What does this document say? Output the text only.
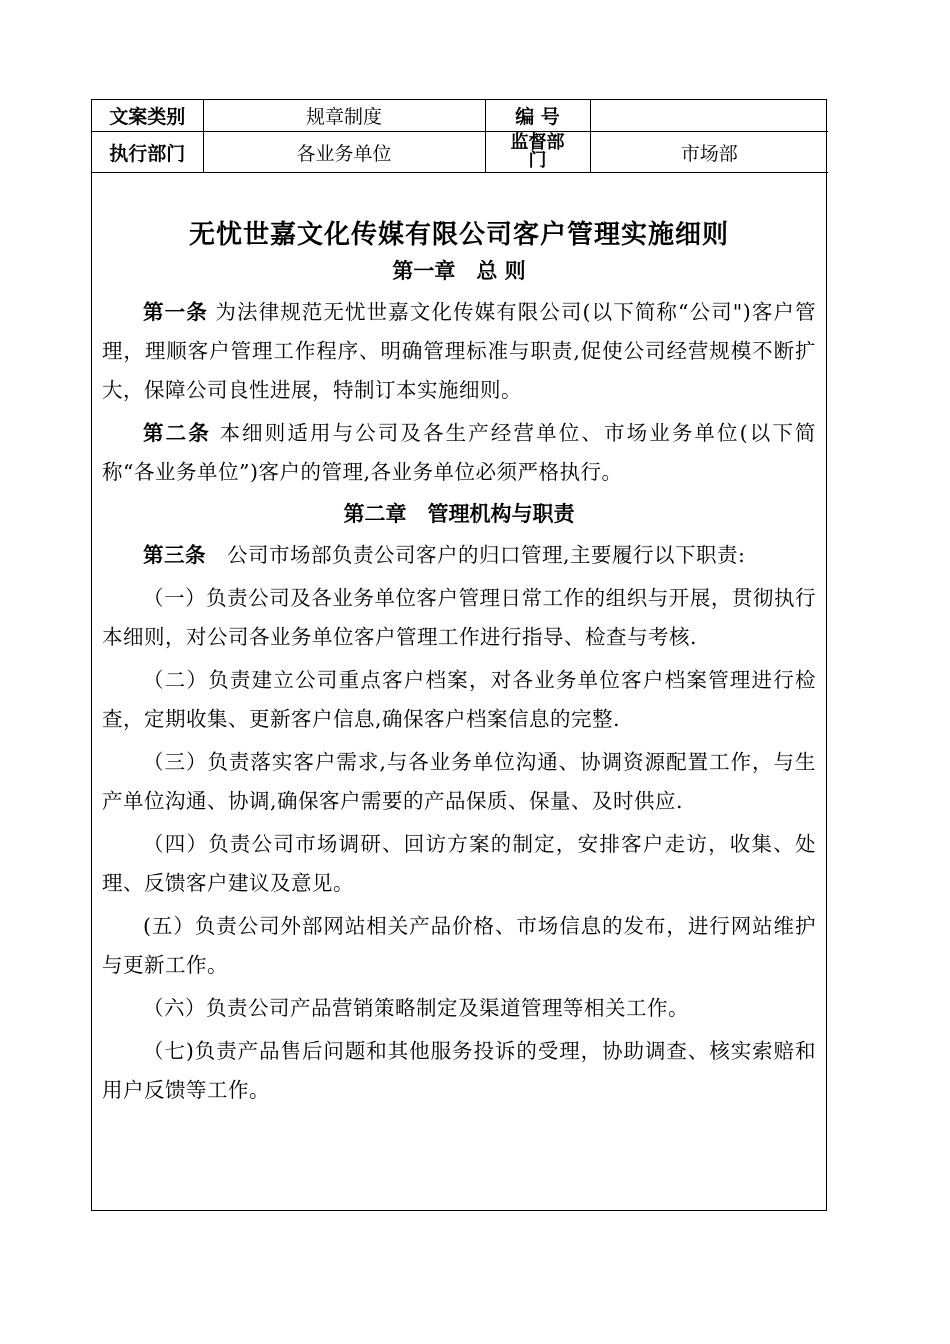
文案类别	规章制度	编 号	
执行部门	各业务单位	监督部门	市场部
无忧世嘉文化传媒有限公司客户管理实施细则
第一章　总 则

第一条 为法律规范无忧世嘉文化传媒有限公司(以下简称“公司")客户管理，理顺客户管理工作程序、明确管理标准与职责,促使公司经营规模不断扩大，保障公司良性进展，特制订本实施细则。

第二条 本细则适用与公司及各生产经营单位、市场业务单位(以下简称“各业务单位”)客户的管理,各业务单位必须严格执行。

第二章　管理机构与职责

第三条　公司市场部负责公司客户的归口管理,主要履行以下职责:

（一）负责公司及各业务单位客户管理日常工作的组织与开展，贯彻执行本细则，对公司各业务单位客户管理工作进行指导、检查与考核.

（二）负责建立公司重点客户档案，对各业务单位客户档案管理进行检查，定期收集、更新客户信息,确保客户档案信息的完整.

（三）负责落实客户需求,与各业务单位沟通、协调资源配置工作，与生产单位沟通、协调,确保客户需要的产品保质、保量、及时供应.

（四）负责公司市场调研、回访方案的制定，安排客户走访，收集、处理、反馈客户建议及意见。

(五）负责公司外部网站相关产品价格、市场信息的发布，进行网站维护与更新工作。

（六）负责公司产品营销策略制定及渠道管理等相关工作。

（七)负责产品售后问题和其他服务投诉的受理，协助调查、核实索赔和用户反馈等工作。
